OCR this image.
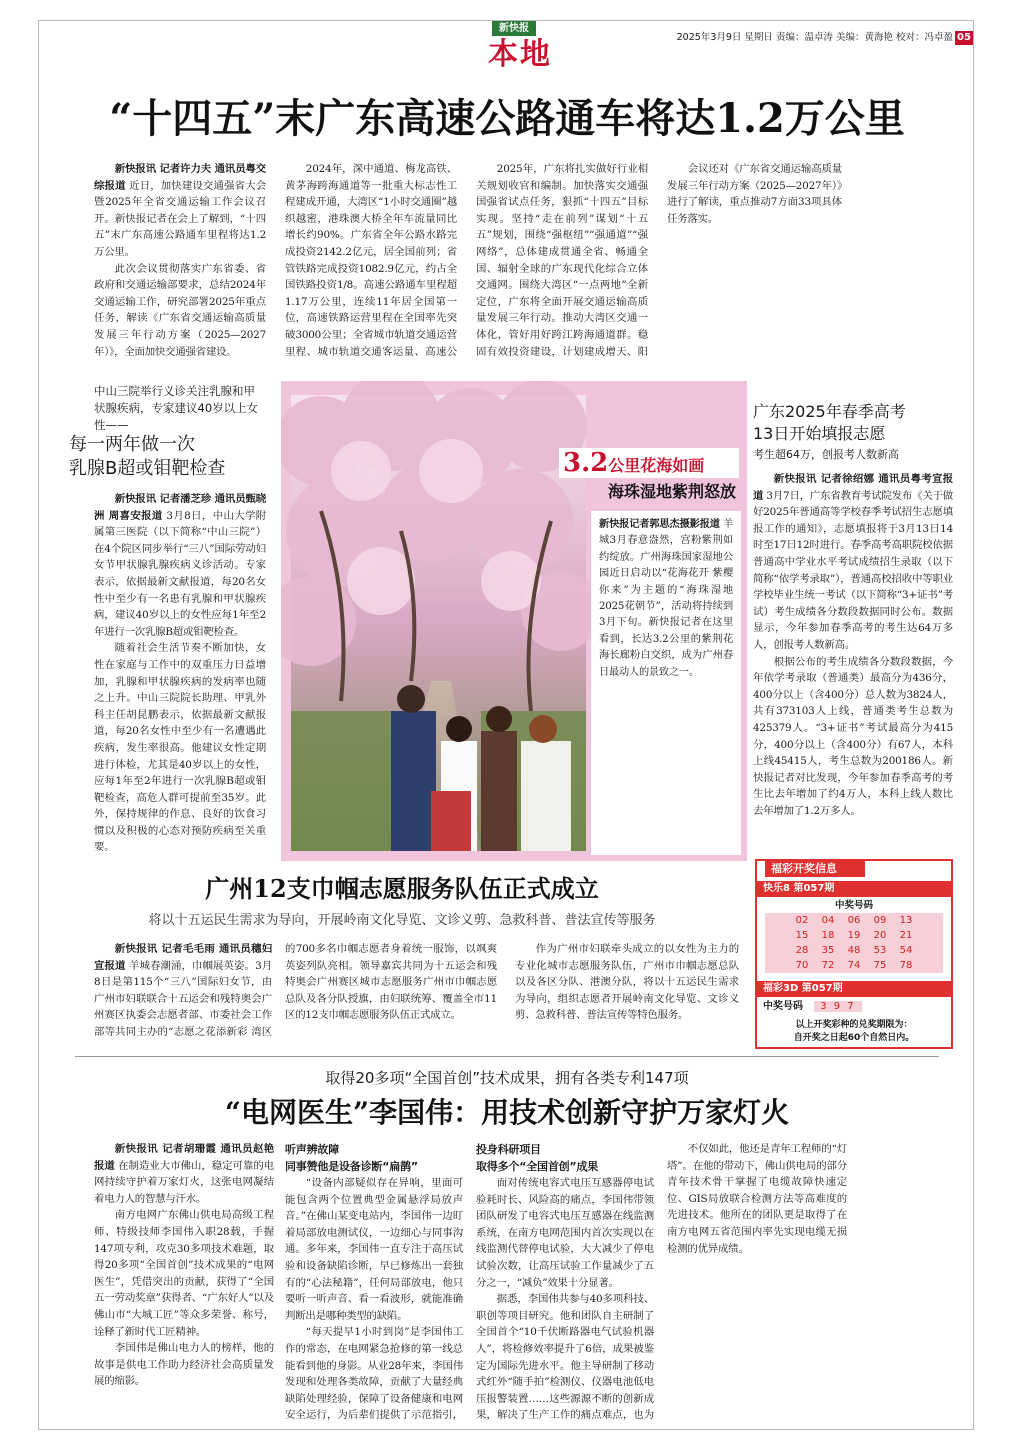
新快报
本地	2025年3月9日 星期日 责编：温卓涛 美编：黄海艳 校对：冯卓盈 05
“十四五”末广东高速公路通车将达1.2万公里

新快报讯 记者许力夫 通讯员粤交综报道 近日，加快建设交通强省大会暨2025年全省交通运输工作会议召开。新快报记者在会上了解到，“十四五”末广东高速公路通车里程将达1.2万公里。

此次会议贯彻落实广东省委、省政府和交通运输部要求，总结2024年交通运输工作，研究部署2025年重点任务，解读《广东省交通运输高质量发展三年行动方案（2025—2027年）》，全面加快交通强省建设。

2024年，深中通道、梅龙高铁、黄茅海跨海通道等一批重大标志性工程建成开通，大湾区“1小时交通圈”越织越密，港珠澳大桥全年车流量同比增长约90%。广东省全年公路水路完成投资2142.2亿元，居全国前列；省管铁路完成投资1082.9亿元，约占全国铁路投资1/8。高速公路通车里程超1.17万公里，连续11年居全国第一位，高速铁路运营里程在全国率先突破3000公里；全省城市轨道交通运营里程、城市轨道交通客运量、高速公

2025年，广东将扎实做好行业相关规划收官和编制。加快落实交通强国强省试点任务，狠抓“十四五”目标实现。坚持“走在前列”谋划“十五五”规划，围绕“强枢纽”“强通道”“强网络”，总体建成贯通全省、畅通全国、辐射全球的广东现代化综合立体交通网。围绕大湾区“一点两地”全新定位，广东将全面开展交通运输高质量发展三年行动。推动大湾区交通一体化，管好用好跨江跨海通道群。稳固有效投资建设，计划建成增天、阳

会议还对《广东省交通运输高质量发展三年行动方案（2025—2027年）》进行了解读，重点推动7方面33项具体任务落实。

中山三院举行义诊关注乳腺和甲状腺疾病，专家建议40岁以上女性——
每一两年做一次
乳腺B超或钼靶检查

新快报讯 记者潘芝珍 通讯员甄晓洲 周喜安报道 3月8日，中山大学附属第三医院（以下简称“中山三院”）在4个院区同步举行“三八”国际劳动妇女节甲状腺乳腺疾病义诊活动。专家表示，依据最新文献报道，每20名女性中至少有一名患有乳腺和甲状腺疾病，建议40岁以上的女性应每1年至2年进行一次乳腺B超或钼靶检查。

随着社会生活节奏不断加快，女性在家庭与工作中的双重压力日益增加，乳腺和甲状腺疾病的发病率也随之上升。中山三院院长助理、甲乳外科主任胡昆鹏表示，依据最新文献报道，每20名女性中至少有一名遭遇此疾病，发生率很高。他建议女性定期进行体检，尤其是40岁以上的女性，应每1年至2年进行一次乳腺B超或钼靶检查，高危人群可提前至35岁。此外，保持规律的作息、良好的饮食习惯以及积极的心态对预防疾病至关重要。

3.2公里花海如画
海珠湿地紫荆怒放

新快报记者郭思杰摄影报道 羊城3月春意盎然，宫粉紫荆如约绽放。广州海珠国家湿地公园近日启动以“花海花开 紫樱你来”为主题的“海珠湿地2025花朝节”，活动将持续到3月下旬。新快报记者在这里看到，长达3.2公里的紫荆花海长廊粉白交织，成为广州春日最动人的景致之一。

广东2025年春季高考
13日开始填报志愿
考生超64万，创报考人数新高

新快报讯 记者徐绍娜 通讯员粤考宣报道 3月7日，广东省教育考试院发布《关于做好2025年普通高等学校春季考试招生志愿填报工作的通知》，志愿填报将于3月13日14时至17日12时进行。春季高考高职院校依据普通高中学业水平考试成绩招生录取（以下简称“依学考录取”），普通高校招收中等职业学校毕业生统一考试（以下简称“3+证书”考试）考生成绩各分数段数据同时公布。数据显示，今年参加春季高考的考生达64万多人，创报考人数新高。

根据公布的考生成绩各分数段数据，今年依学考录取（普通类）最高分为436分，400分以上（含400分）总人数为3824人，共有373103人上线，普通类考生总数为425379人。“3+证书”考试最高分为415分，400分以上（含400分）有67人，本科上线45415人，考生总数为200186人。新快报记者对比发现，今年参加春季高考的考生比去年增加了约4万人，本科上线人数比去年增加了1.2万多人。

福彩开奖信息
快乐8 第057期
中奖号码
02 04 06 09 13
15 18 19 20 21
28 35 48 53 54
70 72 74 75 78
福彩3D 第057期
中奖号码 3 9 7
以上开奖彩种的兑奖期限为：
自开奖之日起60个自然日内。
广州12支巾帼志愿服务队伍正式成立
将以十五运民生需求为导向，开展岭南文化导览、文诊义剪、急救科普、普法宣传等服务

新快报讯 记者毛毛雨 通讯员穗妇宣报道 羊城春潮涌，巾帼展英姿。3月8日是第115个“三八”国际妇女节，由广州市妇联联合十五运会和残特奥会广州赛区执委会志愿者部、市委社会工作部等共同主办的“志愿之花添新彩 湾区

的700多名巾帼志愿者身着统一服饰，以飒爽英姿列队亮相。领导嘉宾共同为十五运会和残特奥会广州赛区城市志愿服务广州市巾帼志愿总队及各分队授旗，由妇联统筹、覆盖全市11区的12支巾帼志愿服务队伍正式成立。

作为广州市妇联牵头成立的以女性为主力的专业化城市志愿服务队伍，广州市巾帼志愿总队以及各区分队、港澳分队，将以十五运民生需求为导向，组织志愿者开展岭南文化导览、文诊义剪、急救科普、普法宣传等特色服务。

取得20多项“全国首创”技术成果，拥有各类专利147项
“电网医生”李国伟：用技术创新守护万家灯火

新快报讯 记者胡珊霞 通讯员赵艳报道 在制造业大市佛山，稳定可靠的电网持续守护着万家灯火，这张电网凝结着电力人的智慧与汗水。

南方电网广东佛山供电局高级工程师、特级技师李国伟入职28载，手握147项专利，攻克30多项技术难题，取得20多项“全国首创”技术成果的“电网医生”，凭借突出的贡献，获得了“全国五一劳动奖章”获得者、“广东好人”以及佛山市“大城工匠”等众多荣誉、称号，诠释了新时代工匠精神。

李国伟是佛山电力人的榜样，他的故事是供电工作助力经济社会高质量发展的缩影。

听声辨故障
同事赞他是设备诊断“扁鹊”

“设备内部疑似存在异响，里面可能包含两个位置典型金属悬浮局放声音。”在佛山某变电站内，李国伟一边盯着局部放电测试仪，一边细心与同事沟通。多年来，李国伟一直专注于高压试验和设备缺陷诊断，早已修炼出一套独有的“心法秘籍”，任何局部放电，他只要听一听声音、看一看波形，就能准确判断出是哪种类型的缺陷。

“每天提早1小时到岗”是李国伟工作的常态，在电网紧急抢修的第一线总能看到他的身影。从业28年来，李国伟发现和处理各类故障，贡献了大量经典缺陷处理经验，保障了设备健康和电网安全运行，为后辈们提供了示范指引，

投身科研项目
取得多个“全国首创”成果

面对传统电容式电压互感器停电试验耗时长、风险高的痛点，李国伟带领团队研发了电容式电压互感器在线监测系统，在南方电网范围内首次实现以在线监测代替停电试验，大大减少了停电试验次数，让高压试验工作量减少了五分之一，“减负”效果十分显著。

据悉，李国伟共参与40多项科技、职创等项目研究。他和团队自主研制了全国首个“10千伏断路器电气试验机器人”，将检修效率提升了6倍，成果被鉴定为国际先进水平。他主导研制了移动式红外“随手拍”检测仪、仪器电池低电压报警装置……这些源源不断的创新成果，解决了生产工作的痛点难点，也为

不仅如此，他还是青年工程师的“灯塔”。在他的带动下，佛山供电局的部分青年技术骨干掌握了电缆故障快速定位、GIS局放联合检测方法等高难度的先进技术。他所在的团队更是取得了在南方电网五省范围内率先实现电缆无损检测的优异成绩。
